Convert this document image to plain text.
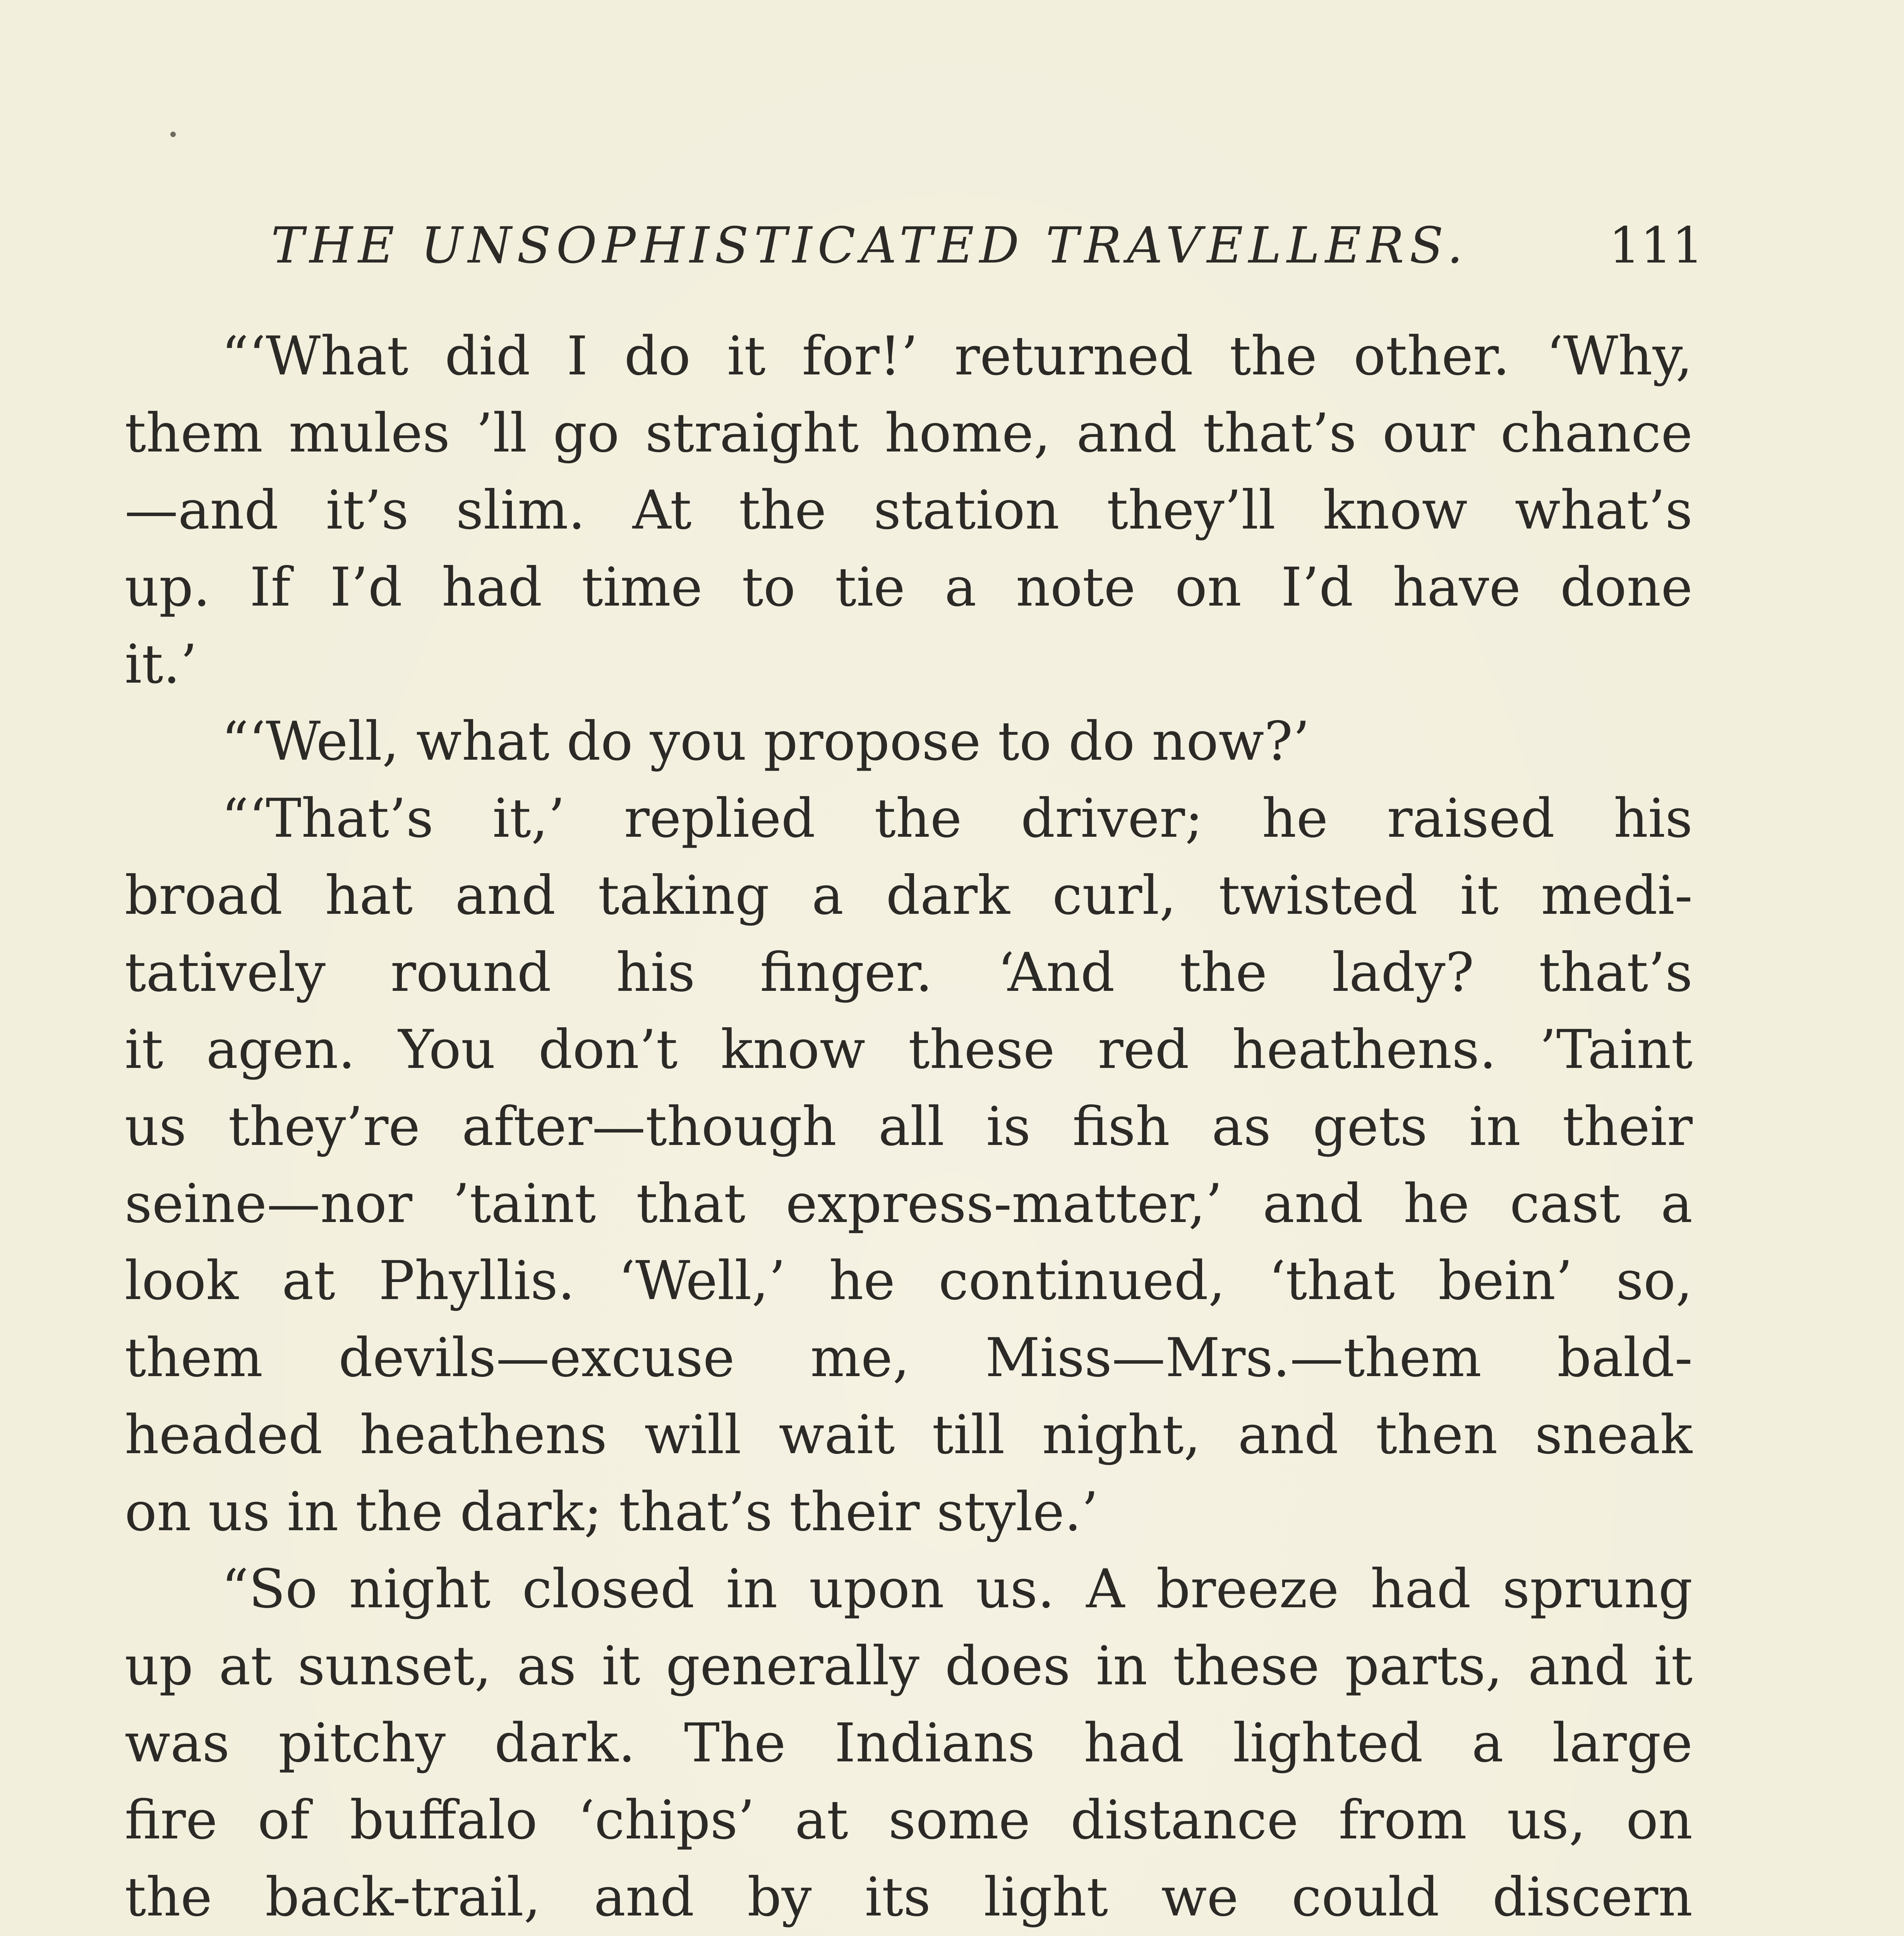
THE UNSOPHISTICATED TRAVELLERS.	111
“‘What did I do it for!’ returned the other. ‘Why,
them mules ’ll go straight home, and that’s our chance
—and it’s slim. At the station they’ll know what’s
up. If I’d had time to tie a note on I’d have done
it.’
“‘Well, what do you propose to do now?’
“‘That’s it,’ replied the driver; he raised his
broad hat and taking a dark curl, twisted it medi-
tatively round his finger. ‘And the lady? that’s
it agen. You don’t know these red heathens. ’Taint
us they’re after—though all is fish as gets in their
seine—nor ’taint that express-matter,’ and he cast a
look at Phyllis. ‘Well,’ he continued, ‘that bein’ so,
them devils—excuse me, Miss—Mrs.—them bald-
headed heathens will wait till night, and then sneak
on us in the dark; that’s their style.’
“So night closed in upon us. A breeze had sprung
up at sunset, as it generally does in these parts, and it
was pitchy dark. The Indians had lighted a large
fire of buffalo ‘chips’ at some distance from us, on
the back-trail, and by its light we could discern
